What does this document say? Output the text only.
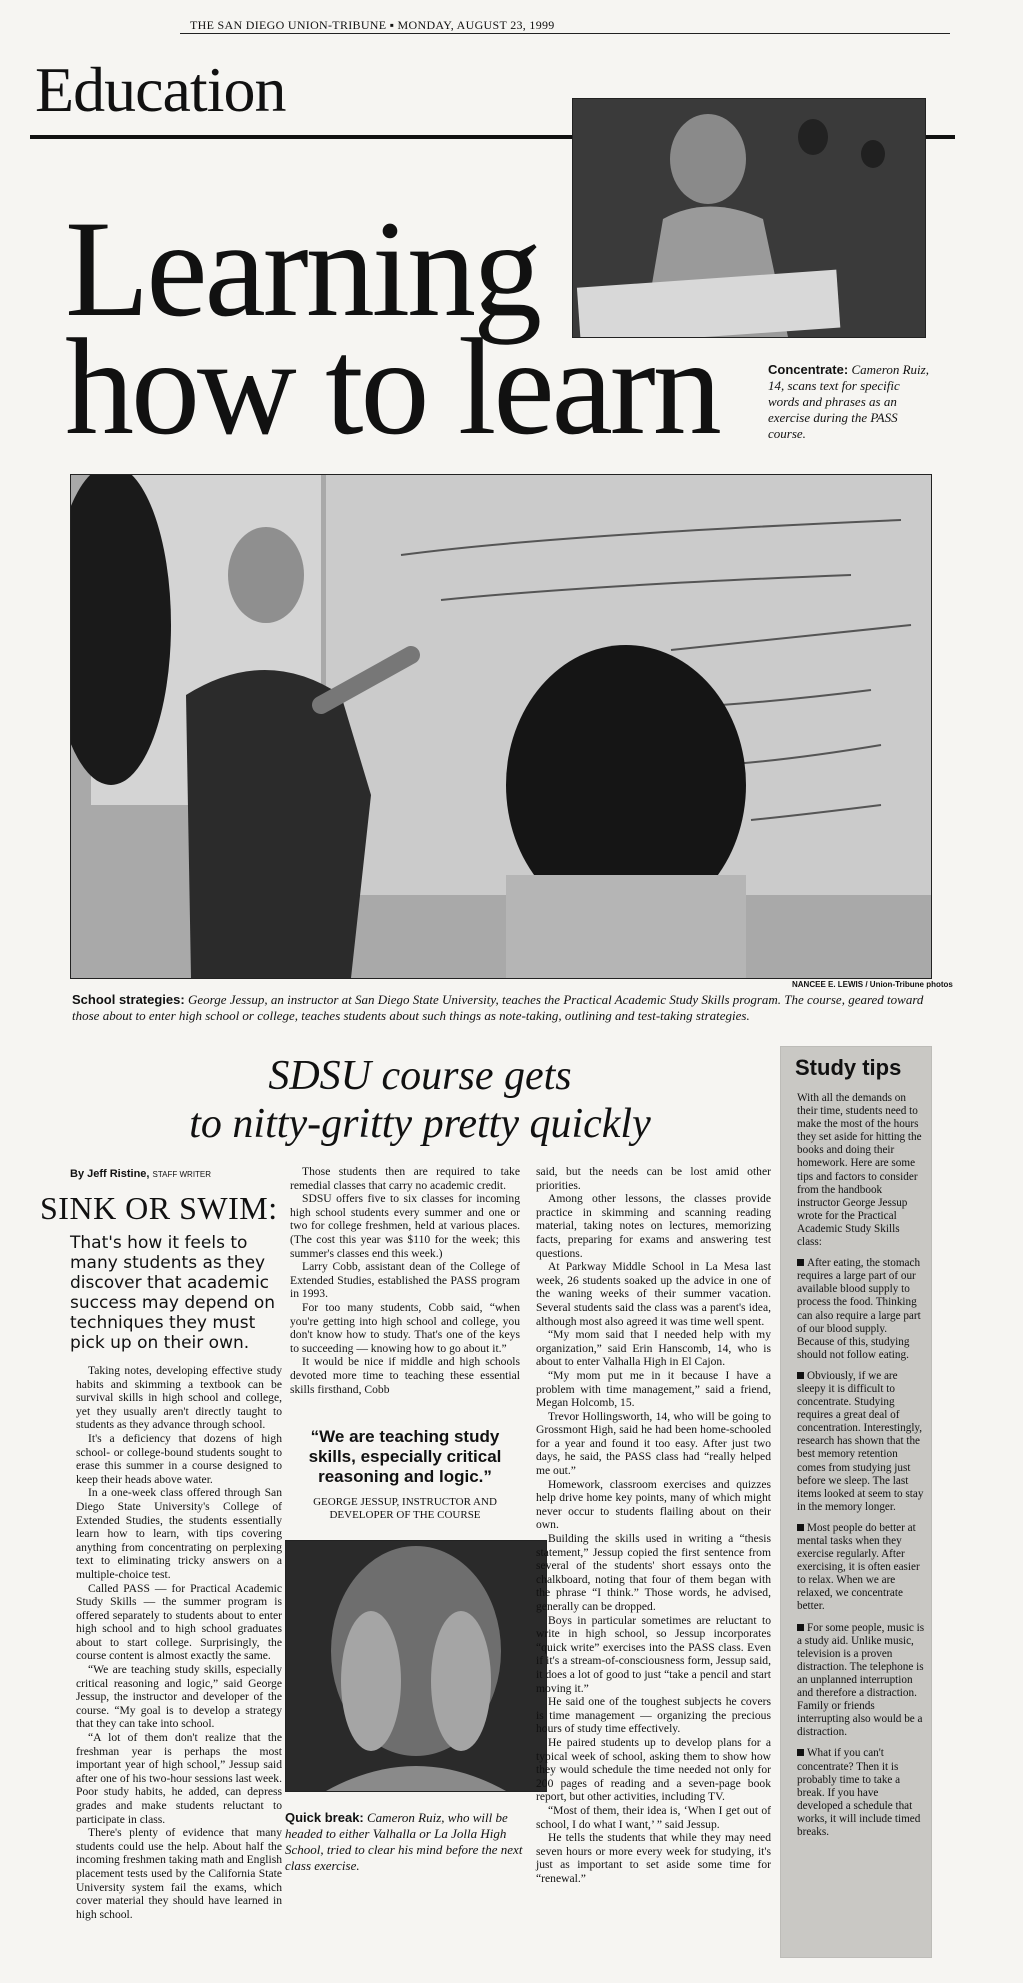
THE SAN DIEGO UNION-TRIBUNE ▪ MONDAY, AUGUST 23, 1999
Education
Learning
how to learn	Concentrate: Cameron Ruiz, 14, scans text for specific words and phrases as an exercise during the PASS course.
NANCEE E. LEWIS / Union-Tribune photos
School strategies: George Jessup, an instructor at San Diego State University, teaches the Practical Academic Study Skills program. The course, geared toward those about to enter high school or college, teaches students about such things as note-taking, outlining and test-taking strategies.
SDSU course gets
to nitty-gritty pretty quickly
By Jeff Ristine, STAFF WRITER
SINK OR SWIM:
That's how it feels to many students as they discover that academic success may depend on techniques they must pick up on their own.

Taking notes, developing effective study habits and skimming a textbook can be survival skills in high school and college, yet they usually aren't directly taught to students as they advance through school.

It's a deficiency that dozens of high school- or college-bound students sought to erase this summer in a course designed to keep their heads above water.

In a one-week class offered through San Diego State University's College of Extended Studies, the students essentially learn how to learn, with tips covering anything from concentrating on perplexing text to eliminating tricky answers on a multiple-choice test.

Called PASS — for Practical Academic Study Skills — the summer program is offered separately to students about to enter high school and to high school graduates about to start college. Surprisingly, the course content is almost exactly the same.

“We are teaching study skills, especially critical reasoning and logic,” said George Jessup, the instructor and developer of the course. “My goal is to develop a strategy that they can take into school.

“A lot of them don't realize that the freshman year is perhaps the most important year of high school,” Jessup said after one of his two-hour sessions last week. Poor study habits, he added, can depress grades and make students reluctant to participate in class.

There's plenty of evidence that many students could use the help. About half the incoming freshmen taking math and English placement tests used by the California State University system fail the exams, which cover material they should have learned in high school.

Those students then are required to take remedial classes that carry no academic credit.

SDSU offers five to six classes for incoming high school students every summer and one or two for college freshmen, held at various places. (The cost this year was $110 for the week; this summer's classes end this week.)

Larry Cobb, assistant dean of the College of Extended Studies, established the PASS program in 1993.

For too many students, Cobb said, “when you're getting into high school and college, you don't know how to study. That's one of the keys to succeeding — knowing how to go about it.”

It would be nice if middle and high schools devoted more time to teaching these essential skills firsthand, Cobb

“We are teaching study skills, especially critical reasoning and logic.”
GEORGE JESSUP, INSTRUCTOR AND DEVELOPER OF THE COURSE
Quick break: Cameron Ruiz, who will be headed to either Valhalla or La Jolla High School, tried to clear his mind before the next class exercise.

said, but the needs can be lost amid other priorities.

Among other lessons, the classes provide practice in skimming and scanning reading material, taking notes on lectures, memorizing facts, preparing for exams and answering test questions.

At Parkway Middle School in La Mesa last week, 26 students soaked up the advice in one of the waning weeks of their summer vacation. Several students said the class was a parent's idea, although most also agreed it was time well spent.

“My mom said that I needed help with my organization,” said Erin Hanscomb, 14, who is about to enter Valhalla High in El Cajon.

“My mom put me in it because I have a problem with time management,” said a friend, Megan Holcomb, 15.

Trevor Hollingsworth, 14, who will be going to Grossmont High, said he had been home-schooled for a year and found it too easy. After just two days, he said, the PASS class had “really helped me out.”

Homework, classroom exercises and quizzes help drive home key points, many of which might never occur to students flailing about on their own.

Building the skills used in writing a “thesis statement,” Jessup copied the first sentence from several of the students' short essays onto the chalkboard, noting that four of them began with the phrase “I think.” Those words, he advised, generally can be dropped.

Boys in particular sometimes are reluctant to write in high school, so Jessup incorporates “quick write” exercises into the PASS class. Even if it's a stream-of-consciousness form, Jessup said, it does a lot of good to just “take a pencil and start moving it.”

He said one of the toughest subjects he covers is time management — organizing the precious hours of study time effectively.

He paired students up to develop plans for a typical week of school, asking them to show how they would schedule the time needed not only for 200 pages of reading and a seven-page book report, but other activities, including TV.

“Most of them, their idea is, ‘When I get out of school, I do what I want,’ ” said Jessup.

He tells the students that while they may need seven hours or more every week for studying, it's just as important to set aside some time for “renewal.”

Study tips

With all the demands on their time, students need to make the most of the hours they set aside for hitting the books and doing their homework. Here are some tips and factors to consider from the handbook instructor George Jessup wrote for the Practical Academic Study Skills class:

After eating, the stomach requires a large part of our available blood supply to process the food. Thinking can also require a large part of our blood supply. Because of this, studying should not follow eating.

Obviously, if we are sleepy it is difficult to concentrate. Studying requires a great deal of concentration. Interestingly, research has shown that the best memory retention comes from studying just before we sleep. The last items looked at seem to stay in the memory longer.

Most people do better at mental tasks when they exercise regularly. After exercising, it is often easier to relax. When we are relaxed, we concentrate better.

For some people, music is a study aid. Unlike music, television is a proven distraction. The telephone is an unplanned interruption and therefore a distraction. Family or friends interrupting also would be a distraction.

What if you can't concentrate? Then it is probably time to take a break. If you have developed a schedule that works, it will include timed breaks.
